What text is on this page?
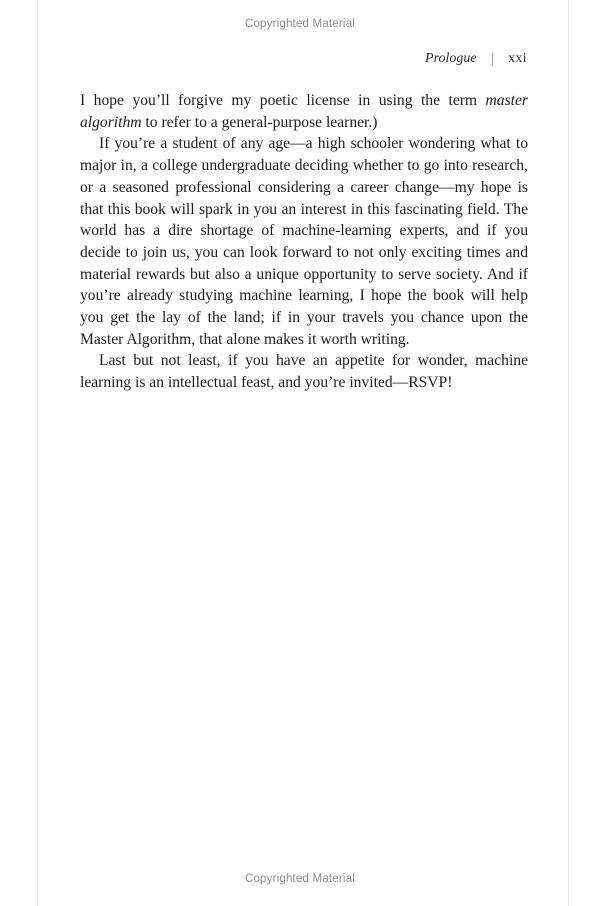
Copyrighted Material
Prologue | xxi

I hope you’ll forgive my poetic license in using the term master algorithm to refer to a general-purpose learner.)

If you’re a student of any age—a high schooler wondering what to major in, a college undergraduate deciding whether to go into research, or a seasoned professional considering a career change—my hope is that this book will spark in you an interest in this fascinating field. The world has a dire shortage of machine-learning experts, and if you decide to join us, you can look forward to not only exciting times and material rewards but also a unique opportunity to serve society. And if you’re already studying machine learning, I hope the book will help you get the lay of the land; if in your travels you chance upon the Master Algorithm, that alone makes it worth writing.

Last but not least, if you have an appetite for wonder, machine learning is an intellectual feast, and you’re invited—RSVP!

Copyrighted Material
